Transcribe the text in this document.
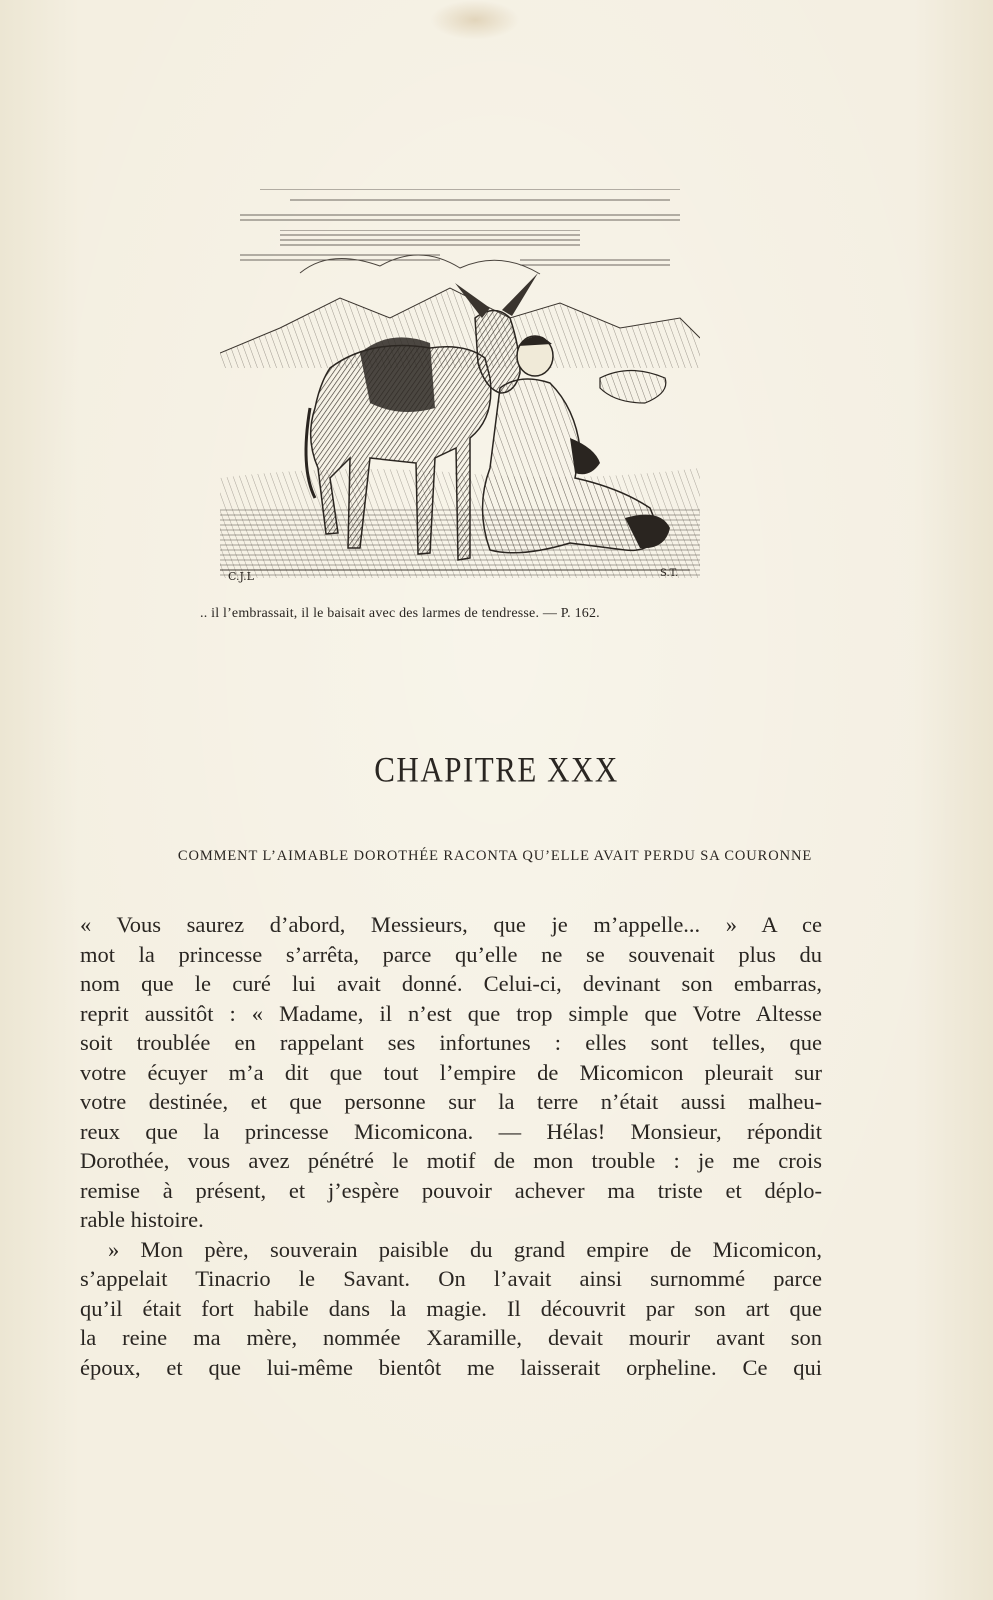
C.J.L	S.T.
.. il l’embrassait, il le baisait avec des larmes de tendresse. — P. 162.
CHAPITRE XXX
COMMENT L’AIMABLE DOROTHÉE RACONTA QU’ELLE AVAIT PERDU SA COURONNE
« Vous saurez d’abord, Messieurs, que je m’appelle... » A ce
mot la princesse s’arrêta, parce qu’elle ne se souvenait plus du
nom que le curé lui avait donné. Celui-ci, devinant son embarras,
reprit aussitôt : « Madame, il n’est que trop simple que Votre Altesse
soit troublée en rappelant ses infortunes : elles sont telles, que
votre écuyer m’a dit que tout l’empire de Micomicon pleurait sur
votre destinée, et que personne sur la terre n’était aussi malheu-
reux que la princesse Micomicona. — Hélas! Monsieur, répondit
Dorothée, vous avez pénétré le motif de mon trouble : je me crois
remise à présent, et j’espère pouvoir achever ma triste et déplo-
rable histoire.
» Mon père, souverain paisible du grand empire de Micomicon,
s’appelait Tinacrio le Savant. On l’avait ainsi surnommé parce
qu’il était fort habile dans la magie. Il découvrit par son art que
la reine ma mère, nommée Xaramille, devait mourir avant son
époux, et que lui-même bientôt me laisserait orpheline. Ce qui
